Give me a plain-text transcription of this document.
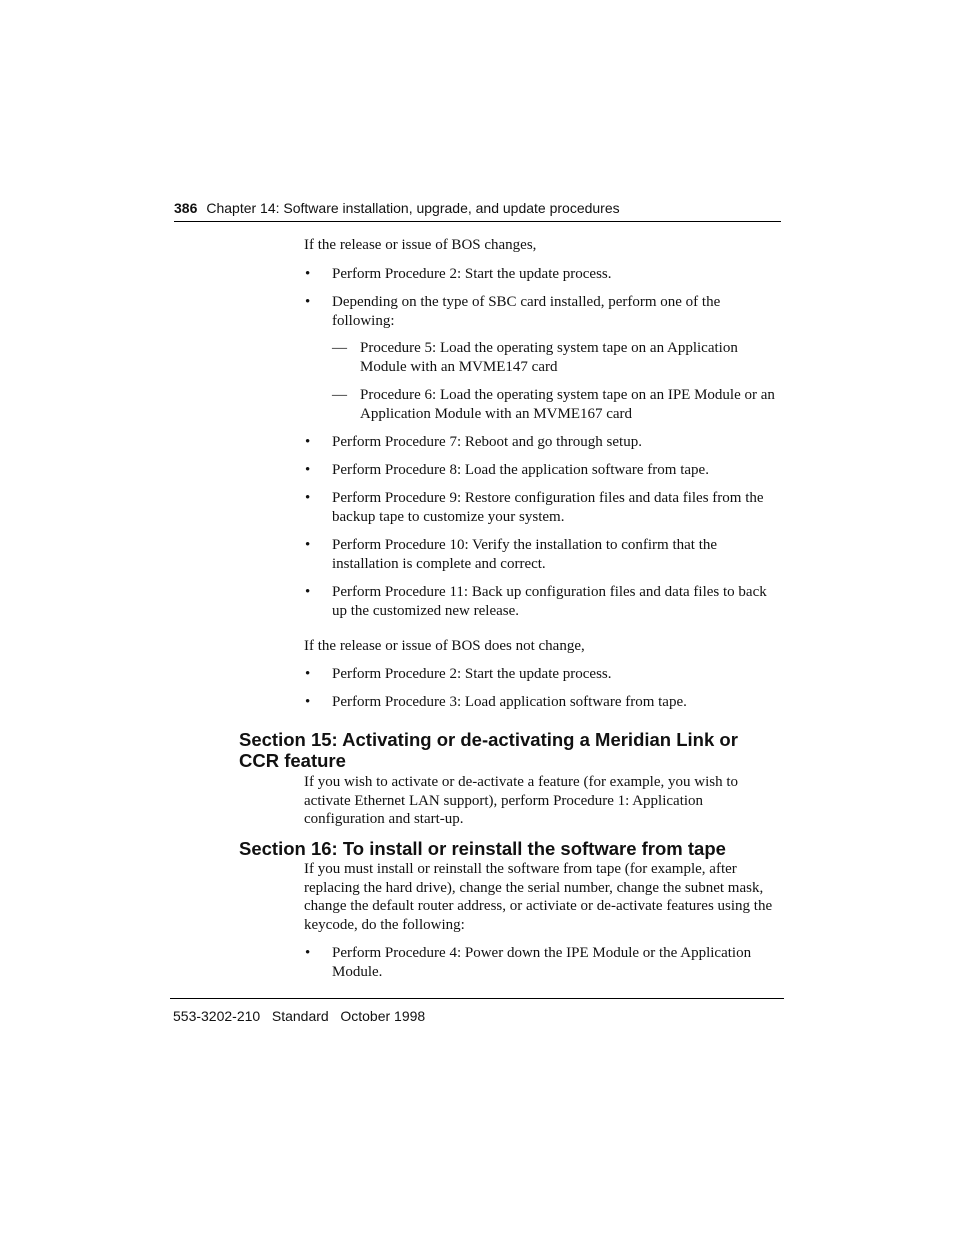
386 Chapter 14: Software installation, upgrade, and update procedures
If the release or issue of BOS changes,
• Perform Procedure 2: Start the update process.
• Depending on the type of SBC card installed, perform one of the following:
— Procedure 5: Load the operating system tape on an Application Module with an MVME147 card
— Procedure 6: Load the operating system tape on an IPE Module or an Application Module with an MVME167 card
• Perform Procedure 7: Reboot and go through setup.
• Perform Procedure 8: Load the application software from tape.
• Perform Procedure 9: Restore configuration files and data files from the backup tape to customize your system.
• Perform Procedure 10: Verify the installation to confirm that the installation is complete and correct.
• Perform Procedure 11: Back up configuration files and data files to back up the customized new release.
If the release or issue of BOS does not change,
• Perform Procedure 2: Start the update process.
• Perform Procedure 3: Load application software from tape.
Section 15: Activating or de-activating a Meridian Link or CCR feature
If you wish to activate or de-activate a feature (for example, you wish to activate Ethernet LAN support), perform Procedure 1: Application configuration and start-up.
Section 16: To install or reinstall the software from tape
If you must install or reinstall the software from tape (for example, after replacing the hard drive), change the serial number, change the subnet mask, change the default router address, or activiate or de-activate features using the keycode, do the following:
• Perform Procedure 4: Power down the IPE Module or the Application Module.
553-3202-210 Standard October 1998
